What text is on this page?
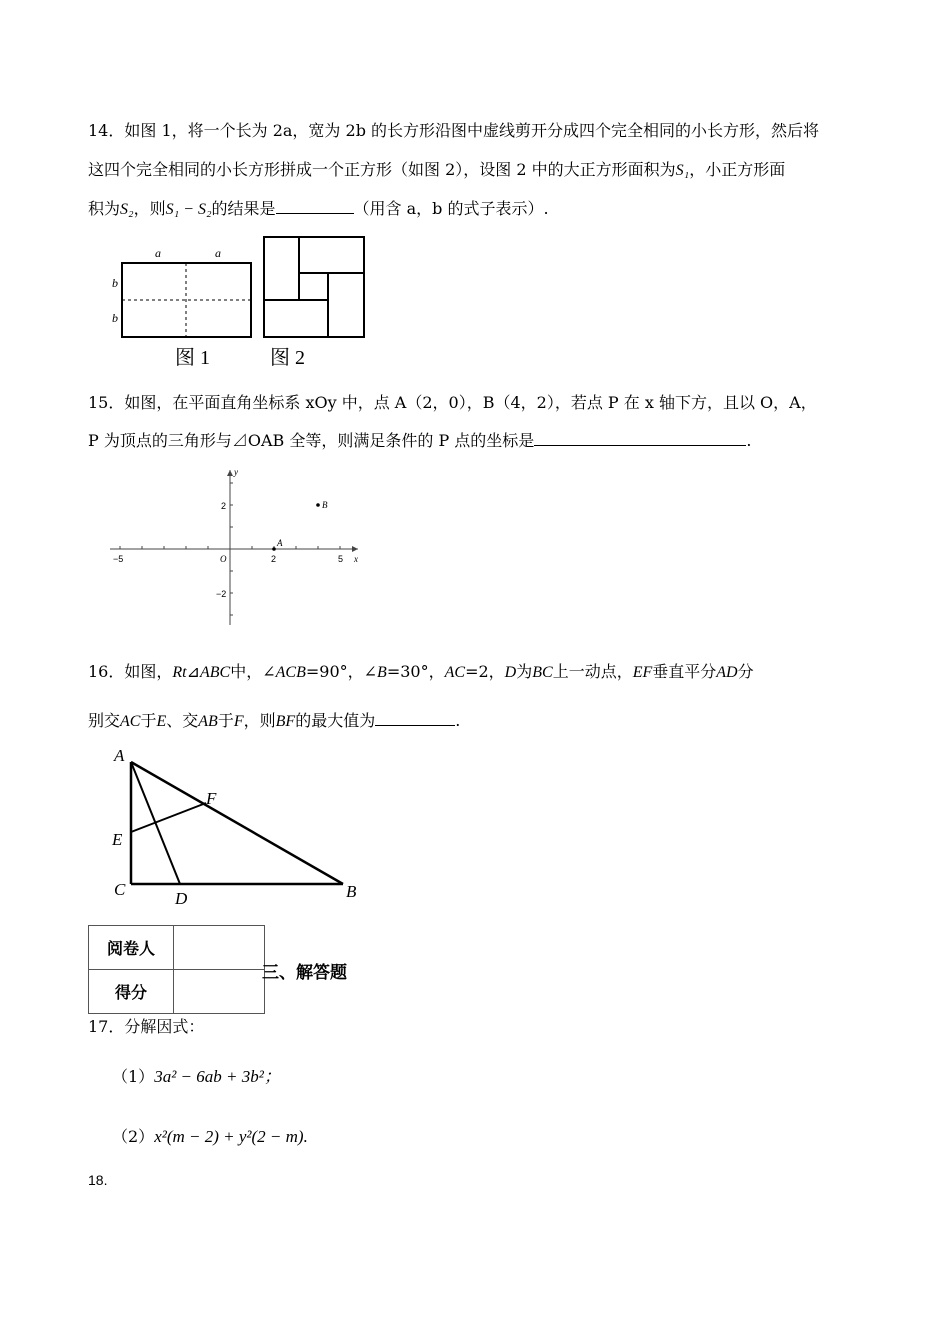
14．如图 1，将一个长为 2a，宽为 2b 的长方形沿图中虚线剪开分成四个完全相同的小长方形，然后将
这四个完全相同的小长方形拼成一个正方形（如图 2），设图 2 中的大正方形面积为S₁，小正方形面
积为S₂，则S₁ − S₂的结果是	（用含 a，b 的式子表示）.
a	a
b
b
图 1	图 2
15．如图，在平面直角坐标系 xOy 中，点 A（2，0），B（4，2），若点 P 在 x 轴下方，且以 O，A，
P 为顶点的三角形与⊿OAB 全等，则满足条件的 P 点的坐标是	.
y
x
O
−5	2	5
2
−2
A
B
16．如图，Rt⊿ABC中，∠ACB=90°，∠B=30°，AC=2，D为BC上一动点，EF垂直平分AD分
别交AC于E、交AB于F，则BF的最大值为	.
A
F
E
C	D	B
阅卷人	
得分	
三、解答题
17．分解因式：
（1）3a² − 6ab + 3b²；
（2）x²(m − 2) + y²(2 − m).
18.
